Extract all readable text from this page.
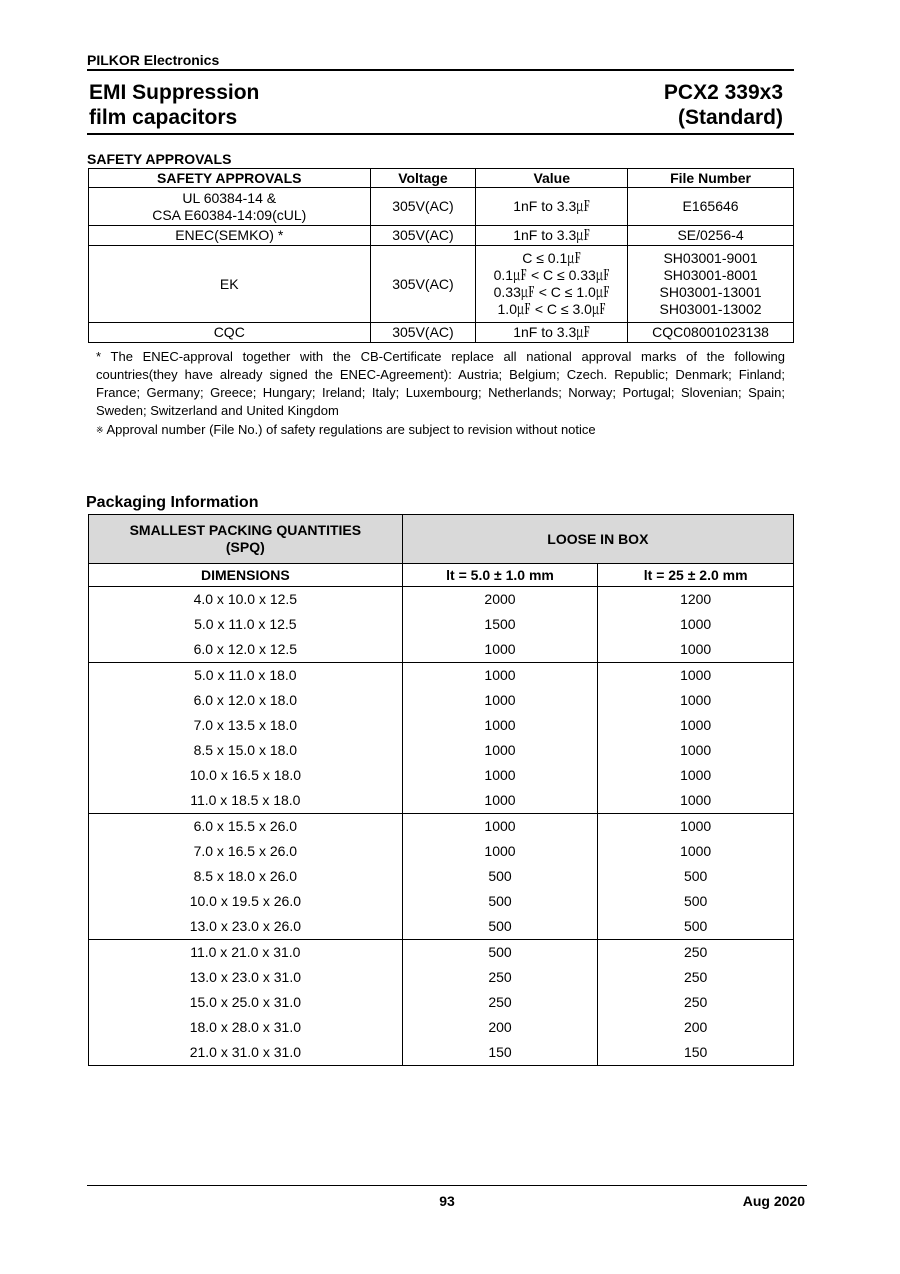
PILKOR Electronics
EMI Suppression
film capacitors
PCX2 339x3
(Standard)
SAFETY APPROVALS
SAFETY APPROVALS	Voltage	Value	File Number

UL 60384-14 &
CSA E60384-14:09(cUL)	305V(AC)	1nF to 3.3㎌	E165646
ENEC(SEMKO) *	305V(AC)	1nF to 3.3㎌	SE/0256-4
EK	305V(AC)	C ≤ 0.1㎌
0.1㎌ < C ≤ 0.33㎌
0.33㎌ < C ≤ 1.0㎌
1.0㎌ < C ≤ 3.0㎌	SH03001-9001
SH03001-8001
SH03001-13001
SH03001-13002

CQC	305V(AC)	1nF to 3.3㎌	CQC08001023138
* The ENEC-approval together with the CB-Certificate replace all national approval marks of the following countries(they have already signed the ENEC-Agreement): Austria; Belgium; Czech. Republic; Denmark; Finland; France; Germany; Greece; Hungary; Ireland; Italy; Luxembourg; Netherlands; Norway; Portugal; Slovenian; Spain; Sweden; Switzerland and United Kingdom
※ Approval number (File No.) of safety regulations are subject to revision without notice
Packaging Information
SMALLEST PACKING QUANTITIES (SPQ)	LOOSE IN BOX	
DIMENSIONS	lt = 5.0 ± 1.0 mm	lt = 25 ± 2.0 mm
4.0 x 10.0 x 12.5	2000	1200
5.0 x 11.0 x 12.5	1500	1000
6.0 x 12.0 x 12.5	1000	1000
5.0 x 11.0 x 18.0	1000	1000
6.0 x 12.0 x 18.0	1000	1000
7.0 x 13.5 x 18.0	1000	1000
8.5 x 15.0 x 18.0	1000	1000
10.0 x 16.5 x 18.0	1000	1000
11.0 x 18.5 x 18.0	1000	1000
6.0 x 15.5 x 26.0	1000	1000
7.0 x 16.5 x 26.0	1000	1000
8.5 x 18.0 x 26.0	500	500
10.0 x 19.5 x 26.0	500	500
13.0 x 23.0 x 26.0	500	500
11.0 x 21.0 x 31.0	500	250
13.0 x 23.0 x 31.0	250	250
15.0 x 25.0 x 31.0	250	250
18.0 x 28.0 x 31.0	200	200
21.0 x 31.0 x 31.0	150	150
93	Aug 2020
